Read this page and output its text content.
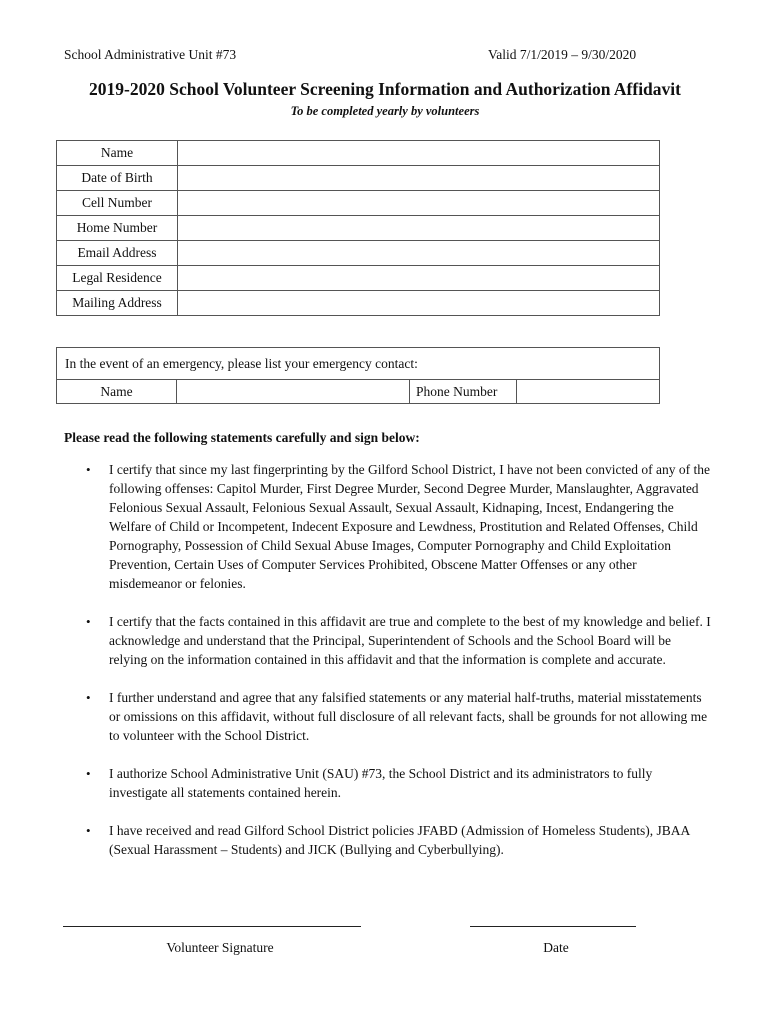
School Administrative Unit #73	Valid 7/1/2019 – 9/30/2020
2019-2020 School Volunteer Screening Information and Authorization Affidavit
To be completed yearly by volunteers
Name	
Date of Birth	
Cell Number	
Home Number	
Email Address	
Legal Residence	
Mailing Address	
In the event of an emergency, please list your emergency contact:
Name		Phone Number	
Please read the following statements carefully and sign below:
• I certify that since my last fingerprinting by the Gilford School District, I have not been convicted of any of the following offenses: Capitol Murder, First Degree Murder, Second Degree Murder, Manslaughter, Aggravated Felonious Sexual Assault, Felonious Sexual Assault, Sexual Assault, Kidnaping, Incest, Endangering the Welfare of Child or Incompetent, Indecent Exposure and Lewdness, Prostitution and Related Offenses, Child Pornography, Possession of Child Sexual Abuse Images, Computer Pornography and Child Exploitation Prevention, Certain Uses of Computer Services Prohibited, Obscene Matter Offenses or any other misdemeanor or felonies.
• I certify that the facts contained in this affidavit are true and complete to the best of my knowledge and belief. I acknowledge and understand that the Principal, Superintendent of Schools and the School Board will be relying on the information contained in this affidavit and that the information is complete and accurate.
• I further understand and agree that any falsified statements or any material half-truths, material misstatements or omissions on this affidavit, without full disclosure of all relevant facts, shall be grounds for not allowing me to volunteer with the School District.
• I authorize School Administrative Unit (SAU) #73, the School District and its administrators to fully investigate all statements contained herein.
• I have received and read Gilford School District policies JFABD (Admission of Homeless Students), JBAA (Sexual Harassment – Students) and JICK (Bullying and Cyberbullying).
Volunteer Signature	Date
